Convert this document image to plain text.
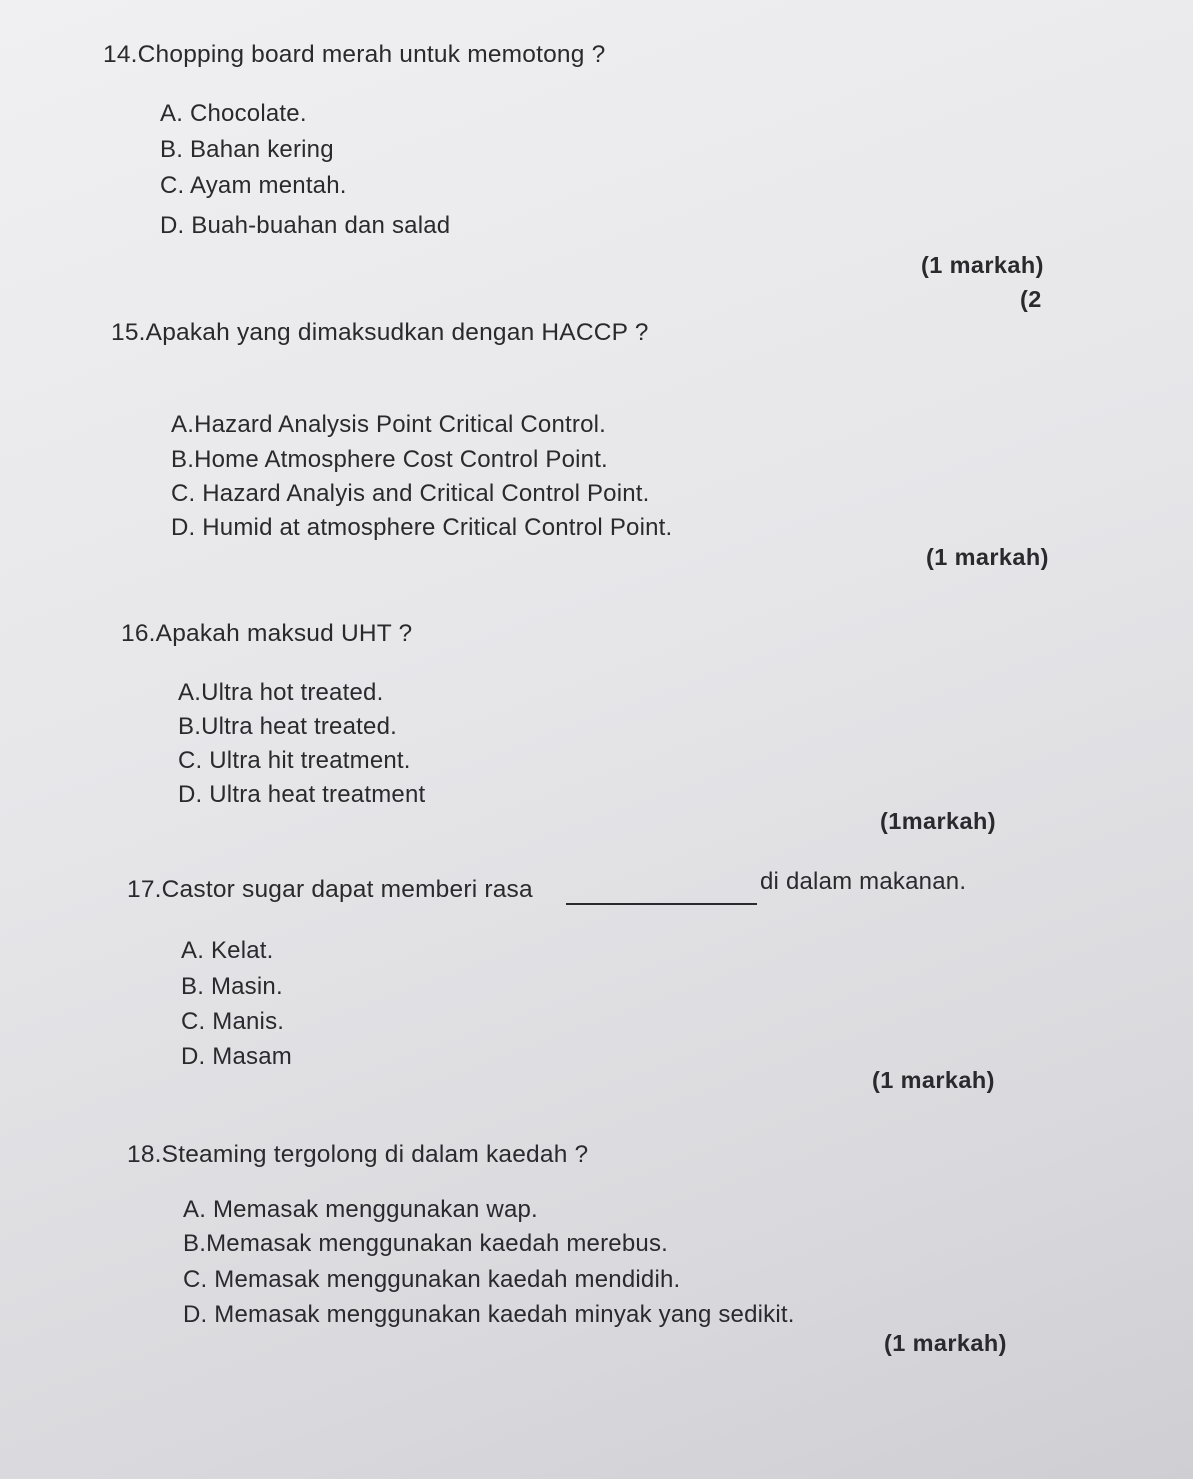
14.Chopping board merah untuk memotong ?
A. Chocolate.
B. Bahan kering
C. Ayam mentah.
D. Buah-buahan dan salad
(1 markah)
(2
15.Apakah yang dimaksudkan dengan HACCP ?
A.Hazard Analysis Point Critical Control.
B.Home Atmosphere Cost Control Point.
C. Hazard Analyis and Critical Control Point.
D. Humid at atmosphere Critical Control Point.
(1 markah)
16.Apakah maksud UHT ?
A.Ultra hot treated.
B.Ultra heat treated.
C. Ultra hit treatment.
D. Ultra heat treatment
(1markah)
17.Castor sugar dapat memberi rasa	di dalam makanan.
A. Kelat.
B. Masin.
C. Manis.
D. Masam
(1 markah)
18.Steaming tergolong di dalam kaedah ?
A. Memasak menggunakan wap.
B.Memasak menggunakan kaedah merebus.
C. Memasak menggunakan kaedah mendidih.
D. Memasak menggunakan kaedah minyak yang sedikit.
(1 markah)
